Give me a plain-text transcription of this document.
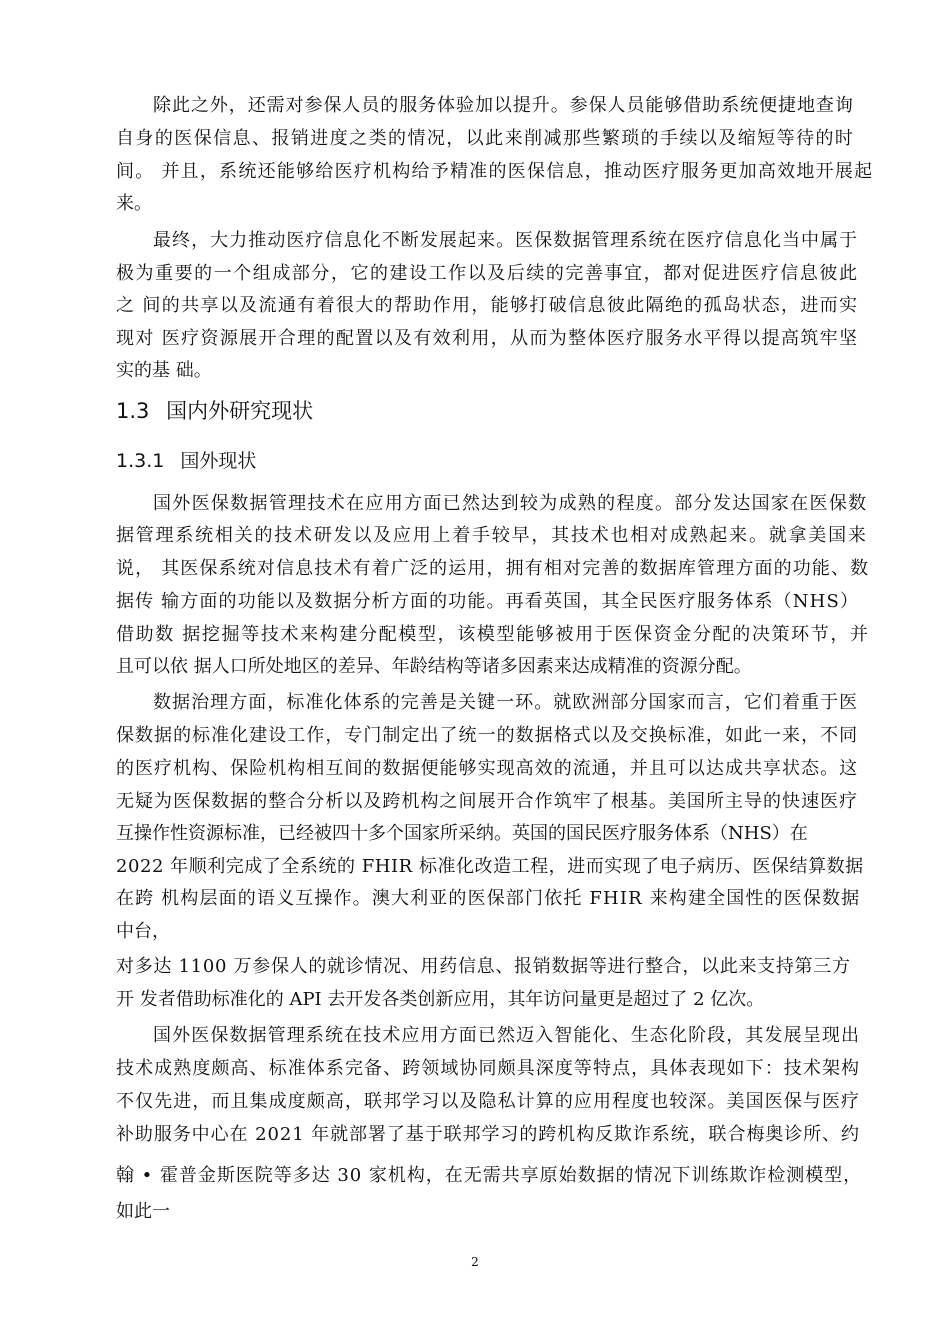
除此之外，还需对参保人员的服务体验加以提升。参保人员能够借助系统便捷地查询
自身的医保信息、报销进度之类的情况，以此来削减那些繁琐的手续以及缩短等待的时
间。 并且，系统还能够给医疗机构给予精准的医保信息，推动医疗服务更加高效地开展起
来。
最终，大力推动医疗信息化不断发展起来。医保数据管理系统在医疗信息化当中属于
极为重要的一个组成部分，它的建设工作以及后续的完善事宜，都对促进医疗信息彼此
之 间的共享以及流通有着很大的帮助作用，能够打破信息彼此隔绝的孤岛状态，进而实
现对 医疗资源展开合理的配置以及有效利用，从而为整体医疗服务水平得以提高筑牢坚
实的基 础。
1.3 国内外研究现状
1.3.1 国外现状
国外医保数据管理技术在应用方面已然达到较为成熟的程度。部分发达国家在医保数
据管理系统相关的技术研发以及应用上着手较早，其技术也相对成熟起来。就拿美国来
说， 其医保系统对信息技术有着广泛的运用，拥有相对完善的数据库管理方面的功能、数
据传 输方面的功能以及数据分析方面的功能。再看英国，其全民医疗服务体系（NHS）
借助数 据挖掘等技术来构建分配模型，该模型能够被用于医保资金分配的决策环节，并
且可以依 据人口所处地区的差异、年龄结构等诸多因素来达成精准的资源分配。
数据治理方面，标准化体系的完善是关键一环。就欧洲部分国家而言，它们着重于医
保数据的标准化建设工作，专门制定出了统一的数据格式以及交换标准，如此一来，不同
的医疗机构、保险机构相互间的数据便能够实现高效的流通，并且可以达成共享状态。这
无疑为医保数据的整合分析以及跨机构之间展开合作筑牢了根基。美国所主导的快速医疗
互操作性资源标准，已经被四十多个国家所采纳。英国的国民医疗服务体系（NHS）在
2022 年顺利完成了全系统的 FHIR 标准化改造工程，进而实现了电子病历、医保结算数据
在跨 机构层面的语义互操作。澳大利亚的医保部门依托 FHIR 来构建全国性的医保数据
中台，
对多达 1100 万参保人的就诊情况、用药信息、报销数据等进行整合，以此来支持第三方
开 发者借助标准化的 API 去开发各类创新应用，其年访问量更是超过了 2 亿次。
国外医保数据管理系统在技术应用方面已然迈入智能化、生态化阶段，其发展呈现出
技术成熟度颇高、标准体系完备、跨领域协同颇具深度等特点，具体表现如下：技术架构
不仅先进，而且集成度颇高，联邦学习以及隐私计算的应用程度也较深。美国医保与医疗
补助服务中心在 2021 年就部署了基于联邦学习的跨机构反欺诈系统，联合梅奥诊所、约
翰 • 霍普金斯医院等多达 30 家机构，在无需共享原始数据的情况下训练欺诈检测模型，
如此一
2
